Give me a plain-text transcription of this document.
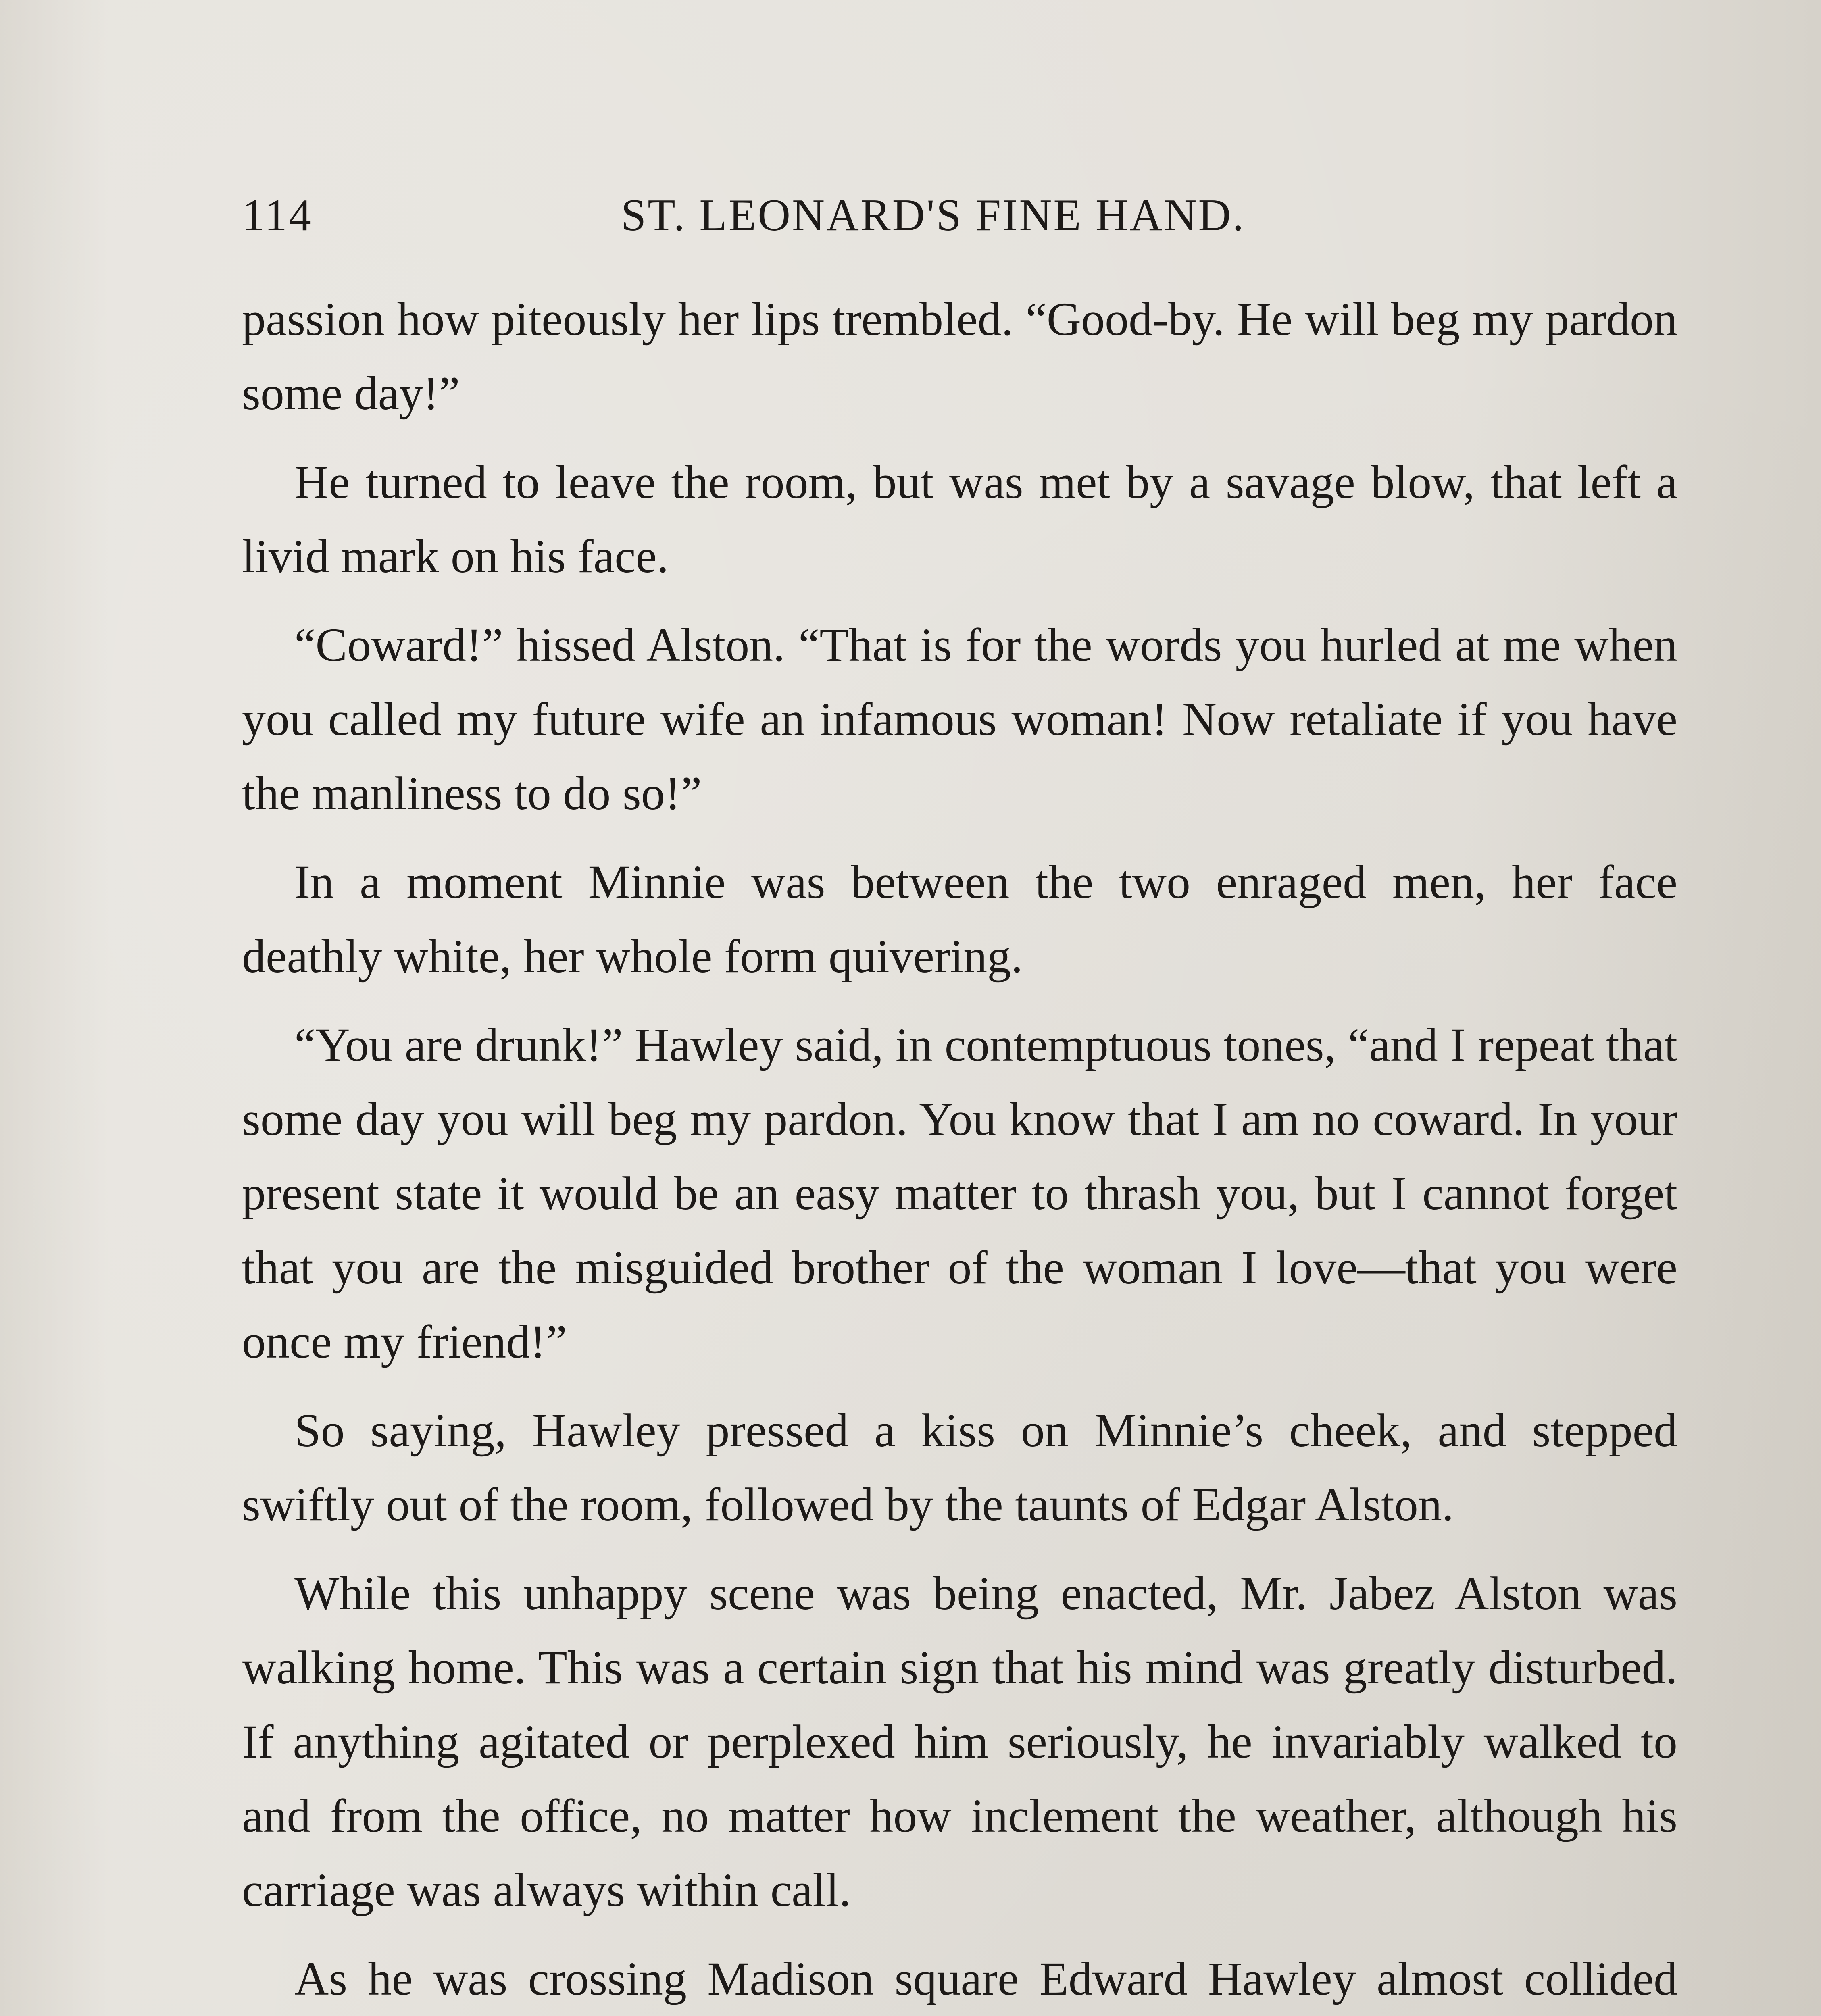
114	ST. LEONARD'S FINE HAND.

passion how piteously her lips trembled. “Good-by. He will beg my pardon some day!”

He turned to leave the room, but was met by a savage blow, that left a livid mark on his face.

“Coward!” hissed Alston. “That is for the words you hurled at me when you called my future wife an infamous woman! Now retaliate if you have the manliness to do so!”

In a moment Minnie was between the two enraged men, her face deathly white, her whole form quivering.

“You are drunk!” Hawley said, in contemptuous tones, “and I repeat that some day you will beg my pardon. You know that I am no coward. In your present state it would be an easy matter to thrash you, but I cannot forget that you are the misguided brother of the woman I love—that you were once my friend!”

So saying, Hawley pressed a kiss on Minnie’s cheek, and stepped swiftly out of the room, followed by the taunts of Edgar Alston.

While this unhappy scene was being enacted, Mr. Jabez Alston was walking home. This was a certain sign that his mind was greatly disturbed. If anything agitated or perplexed him seriously, he invariably walked to and from the office, no matter how inclement the weather, although his carriage was always within call.

As he was crossing Madison square Edward Hawley almost collided
